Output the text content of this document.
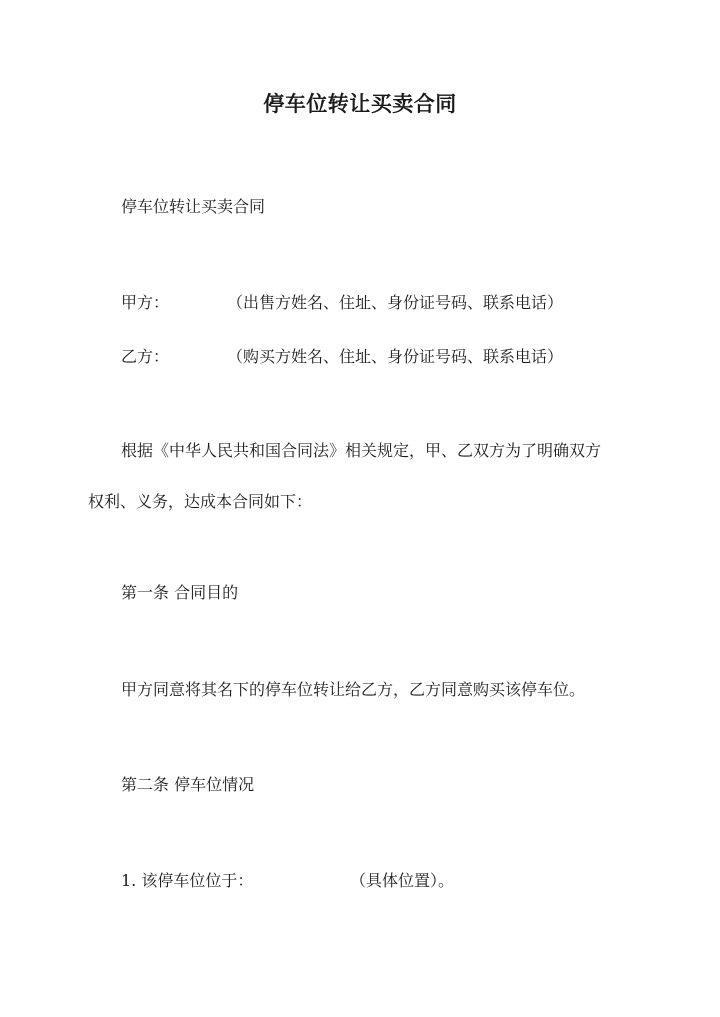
停车位转让买卖合同

停车位转让买卖合同

甲方：	（出售方姓名、住址、身份证号码、联系电话）

乙方：	（购买方姓名、住址、身份证号码、联系电话）

根据《中华人民共和国合同法》相关规定，甲、乙双方为了明确双方

权利、义务，达成本合同如下：

第一条 合同目的

甲方同意将其名下的停车位转让给乙方，乙方同意购买该停车位。

第二条 停车位情况

1. 该停车位位于：	（具体位置）。
